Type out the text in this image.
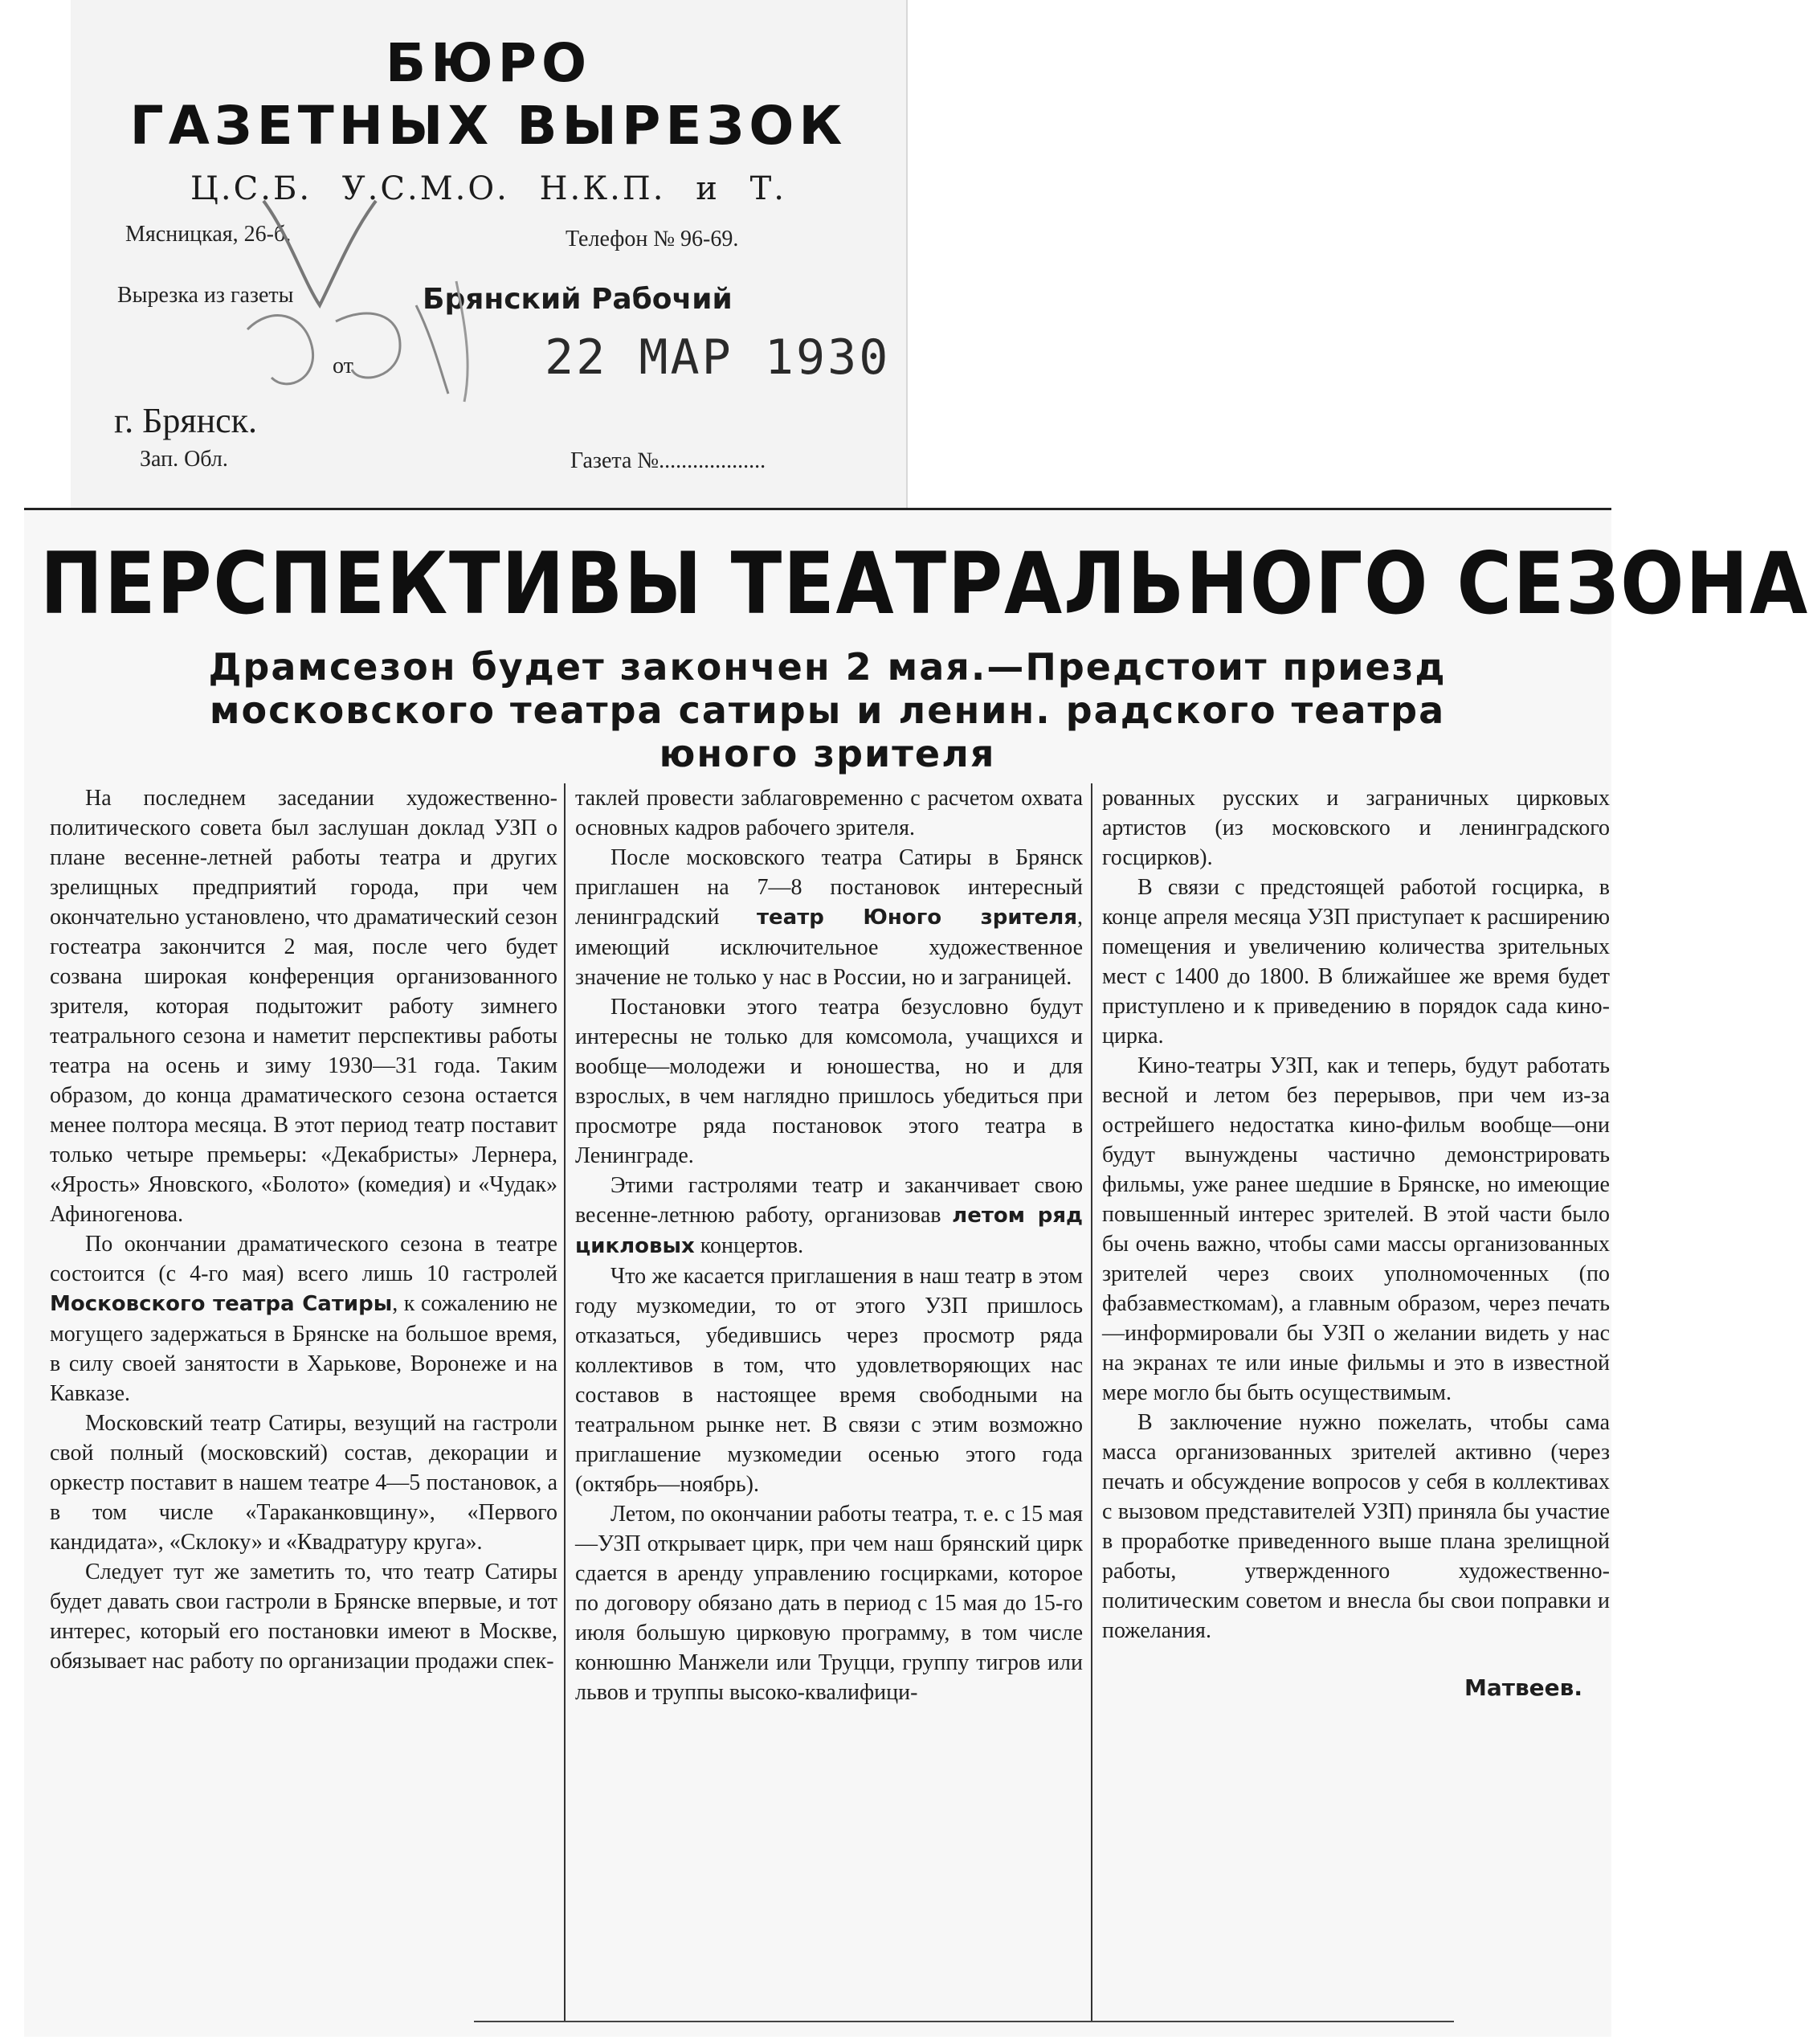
БЮРО
ГАЗЕТНЫХ ВЫРЕЗОК
Ц.С.Б. У.С.М.О. Н.К.П. и Т.
Мясницкая, 26-б.	Телефон № 96-69.
Вырезка из газеты	Брянский Рабочий
от	22 МАР 1930
г. Брянск.
Зап. Обл.	Газета №...................
ПЕРСПЕКТИВЫ ТЕАТРАЛЬНОГО СЕЗОНА
Драмсезон будет закончен 2 мая.—Предстоит приезд
московского театра сатиры и ленин. радского театра
юного зрителя

На последнем заседании художественно-политического совета был заслушан доклад УЗП о плане весенне-летней работы театра и других зрелищных предприятий города, при чем окончательно установлено, что драматический сезон гостеатра закончится 2 мая, после чего будет созвана широкая конференция организованного зрителя, которая подытожит работу зимнего театрального сезона и наметит перспективы работы театра на осень и зиму 1930—31 года. Таким образом, до конца драматического сезона остается менее полтора месяца. В этот период театр поставит только четыре премьеры: «Декабристы» Лернера, «Ярость» Яновского, «Болото» (комедия) и «Чудак» Афиногенова.

По окончании драматического сезона в театре состоится (с 4-го мая) всего лишь 10 гастролей Московского театра Сатиры, к сожалению не могущего задержаться в Брянске на большое время, в силу своей занятости в Харькове, Воронеже и на Кавказе.

Московский театр Сатиры, везущий на гастроли свой полный (московский) состав, декорации и оркестр поставит в нашем театре 4—5 постановок, а в том числе «Тараканковщину», «Первого кандидата», «Склоку» и «Квадратуру круга».

Следует тут же заметить то, что театр Сатиры будет давать свои гастроли в Брянске впервые, и тот интерес, который его постановки имеют в Москве, обязывает нас работу по организации продажи спек-

таклей провести заблаговременно с расчетом охвата основных кадров рабочего зрителя.

После московского театра Сатиры в Брянск приглашен на 7—8 постановок интересный ленинградский театр Юного зрителя, имеющий исключительное художественное значение не только у нас в России, но и заграницей.

Постановки этого театра безусловно будут интересны не только для комсомола, учащихся и вообще—молодежи и юношества, но и для взрослых, в чем наглядно пришлось убедиться при просмотре ряда постановок этого театра в Ленинграде.

Этими гастролями театр и заканчивает свою весенне-летнюю работу, организовав летом ряд цикловых концертов.

Что же касается приглашения в наш театр в этом году музкомедии, то от этого УЗП пришлось отказаться, убедившись через просмотр ряда коллективов в том, что удовлетворяющих нас составов в настоящее время свободными на театральном рынке нет. В связи с этим возможно приглашение музкомедии осенью этого года (октябрь—ноябрь).

Летом, по окончании работы театра, т. е. с 15 мая—УЗП открывает цирк, при чем наш брянский цирк сдается в аренду управлению госцирками, которое по договору обязано дать в период с 15 мая до 15-го июля большую цирковую программу, в том числе конюшню Манжели или Труцци, группу тигров или львов и труппы высоко-квалифици-

рованных русских и заграничных цирковых артистов (из московского и ленинградского госцирков).

В связи с предстоящей работой госцирка, в конце апреля месяца УЗП приступает к расширению помещения и увеличению количества зрительных мест с 1400 до 1800. В ближайшее же время будет приступлено и к приведению в порядок сада кино-цирка.

Кино-театры УЗП, как и теперь, будут работать весной и летом без перерывов, при чем из-за острейшего недостатка кино-фильм вообще—они будут вынуждены частично демонстрировать фильмы, уже ранее шедшие в Брянске, но имеющие повышенный интерес зрителей. В этой части было бы очень важно, чтобы сами массы организованных зрителей через своих уполномоченных (по фабзавместкомам), а главным образом, через печать—информировали бы УЗП о желании видеть у нас на экранах те или иные фильмы и это в известной мере могло бы быть осуществимым.

В заключение нужно пожелать, чтобы сама масса организованных зрителей активно (через печать и обсуждение вопросов у себя в коллективах с вызовом представителей УЗП) приняла бы участие в проработке приведенного выше плана зрелищной работы, утвержденного художественно-политическим советом и внесла бы свои поправки и пожелания.

Матвеев.
